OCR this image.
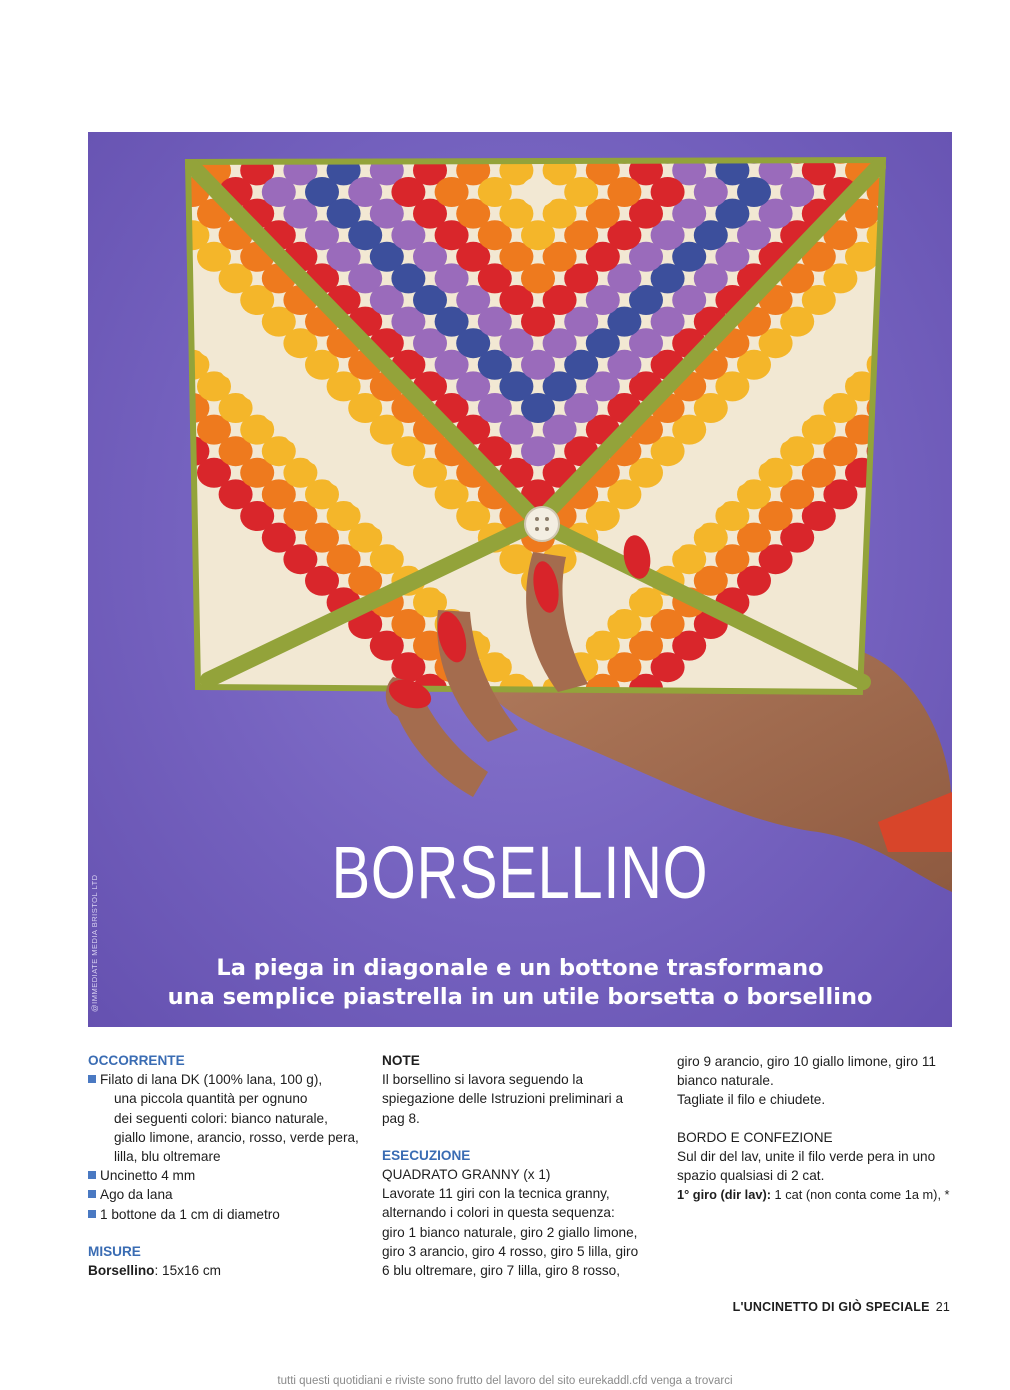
@IMMEDIATE MEDIA BRISTOL LTD
BORSELLINO
La piega in diagonale e un bottone trasformano
una semplice piastrella in un utile borsetta o borsellino

OCCORRENTE

Filato di lana DK (100% lana, 100 g),
una piccola quantità per ognuno
dei seguenti colori: bianco naturale,
giallo limone, arancio, rosso, verde pera,
lilla, blu oltremare
Uncinetto 4 mm
Ago da lana
1 bottone da 1 cm di diametro

MISURE

Borsellino: 15x16 cm

NOTE

Il borsellino si lavora seguendo la

spiegazione delle Istruzioni preliminari a

pag 8.

ESECUZIONE

QUADRATO GRANNY (x 1)

Lavorate 11 giri con la tecnica granny,

alternando i colori in questa sequenza:

giro 1 bianco naturale, giro 2 giallo limone,

giro 3 arancio, giro 4 rosso, giro 5 lilla, giro

6 blu oltremare, giro 7 lilla, giro 8 rosso,

giro 9 arancio, giro 10 giallo limone, giro 11

bianco naturale.

Tagliate il filo e chiudete.

BORDO E CONFEZIONE

Sul dir del lav, unite il filo verde pera in uno

spazio qualsiasi di 2 cat.

1° giro (dir lav): 1 cat (non conta come 1a m), *

L'UNCINETTO DI GIÒ SPECIALE 21
tutti questi quotidiani e riviste sono frutto del lavoro del sito eurekaddl.cfd venga a trovarci
